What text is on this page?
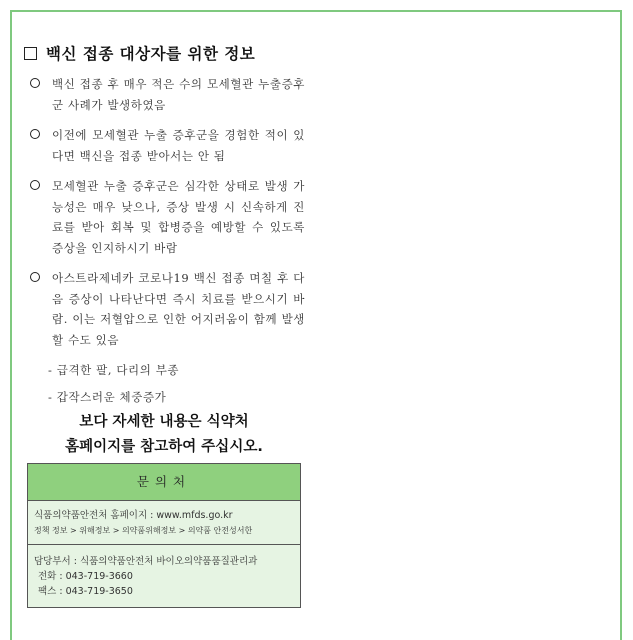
백신 접종 대상자를 위한 정보
백신 접종 후 매우 적은 수의 모세혈관 누출증후군 사례가 발생하였음
이전에 모세혈관 누출 증후군을 경험한 적이 있다면 백신을 접종 받아서는 안 됨
모세혈관 누출 증후군은 심각한 상태로 발생 가능성은 매우 낮으나, 증상 발생 시 신속하게 진료를 받아 회복 및 합병증을 예방할 수 있도록 증상을 인지하시기 바람
아스트라제네카 코로나19 백신 접종 며칠 후 다음 증상이 나타난다면 즉시 치료를 받으시기 바람. 이는 저혈압으로 인한 어지러움이 함께 발생할 수도 있음
- 급격한 팔, 다리의 부종
- 갑작스러운 체중증가
보다 자세한 내용은 식약처
홈페이지를 참고하여 주십시오.
문의처
식품의약품안전처 홈페이지 : www.mfds.go.kr
정책 정보 > 위해정보 > 의약품위해정보 > 의약품 안전성서한
담당부서 : 식품의약품안전처 바이오의약품품질관리과
전화 : 043-719-3660
팩스 : 043-719-3650
